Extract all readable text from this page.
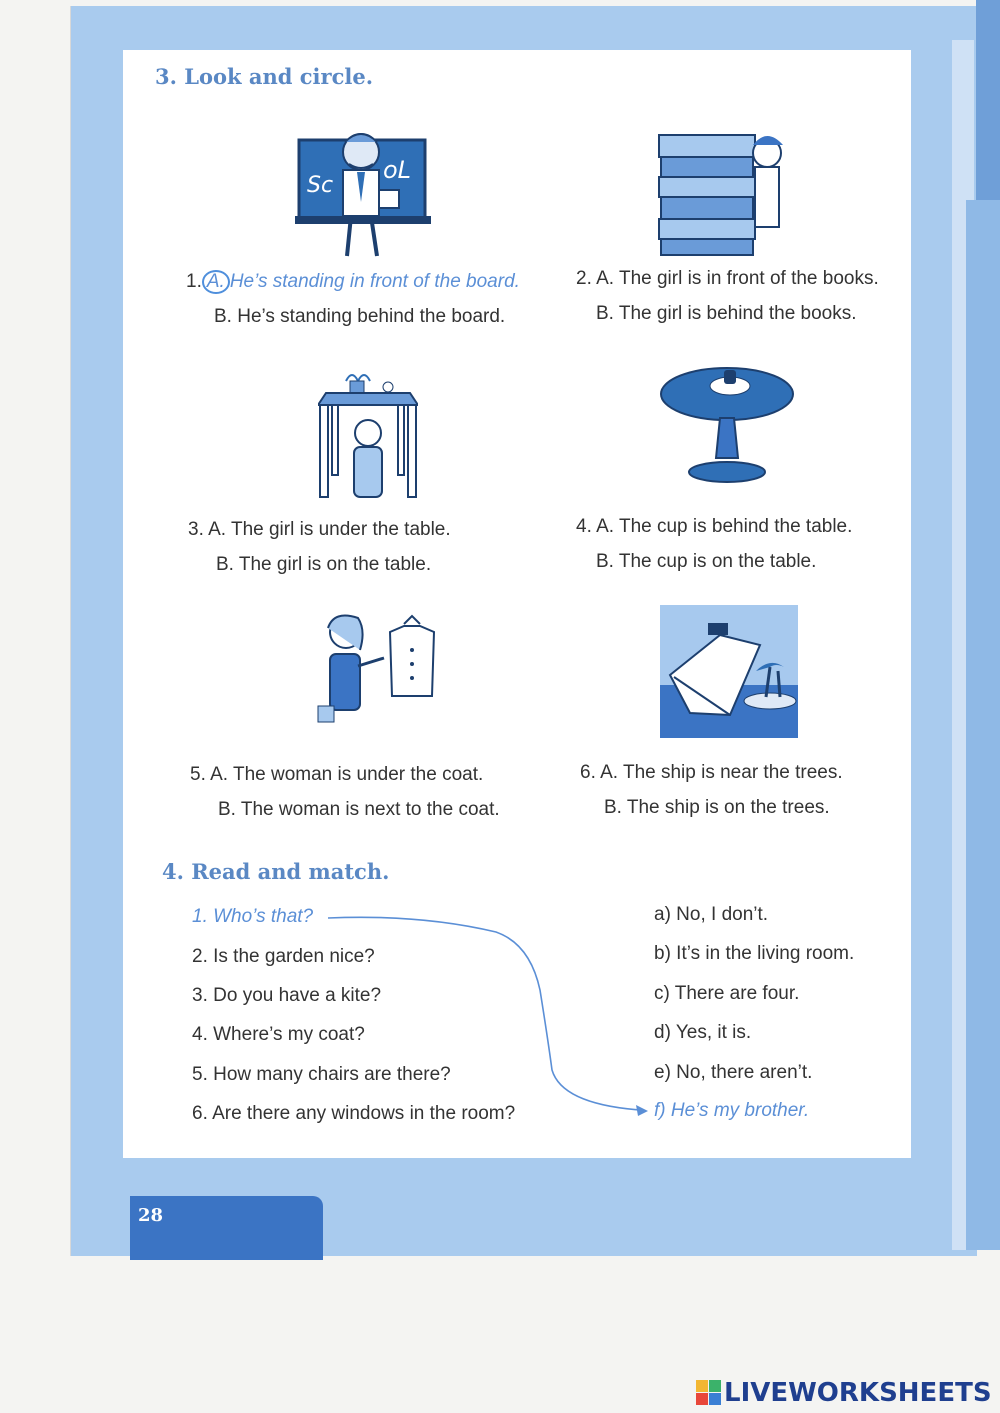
3. Look and circle.
Sc
oL
1. A. He’s standing in front of the board.
B. He’s standing behind the board.
2. A. The girl is in front of the books.
B. The girl is behind the books.
3. A. The girl is under the table.
B. The girl is on the table.
4. A. The cup is behind the table.
B. The cup is on the table.
5. A. The woman is under the coat.
B. The woman is next to the coat.
6. A. The ship is near the trees.
B. The ship is on the trees.
4. Read and match.
1. Who’s that?
2. Is the garden nice?
3. Do you have a kite?
4. Where’s my coat?
5. How many chairs are there?
6. Are there any windows in the room?
a) No, I don’t.
b) It’s in the living room.
c) There are four.
d) Yes, it is.
e) No, there aren’t.
f) He’s my brother.
28
LIVEWORKSHEETS
